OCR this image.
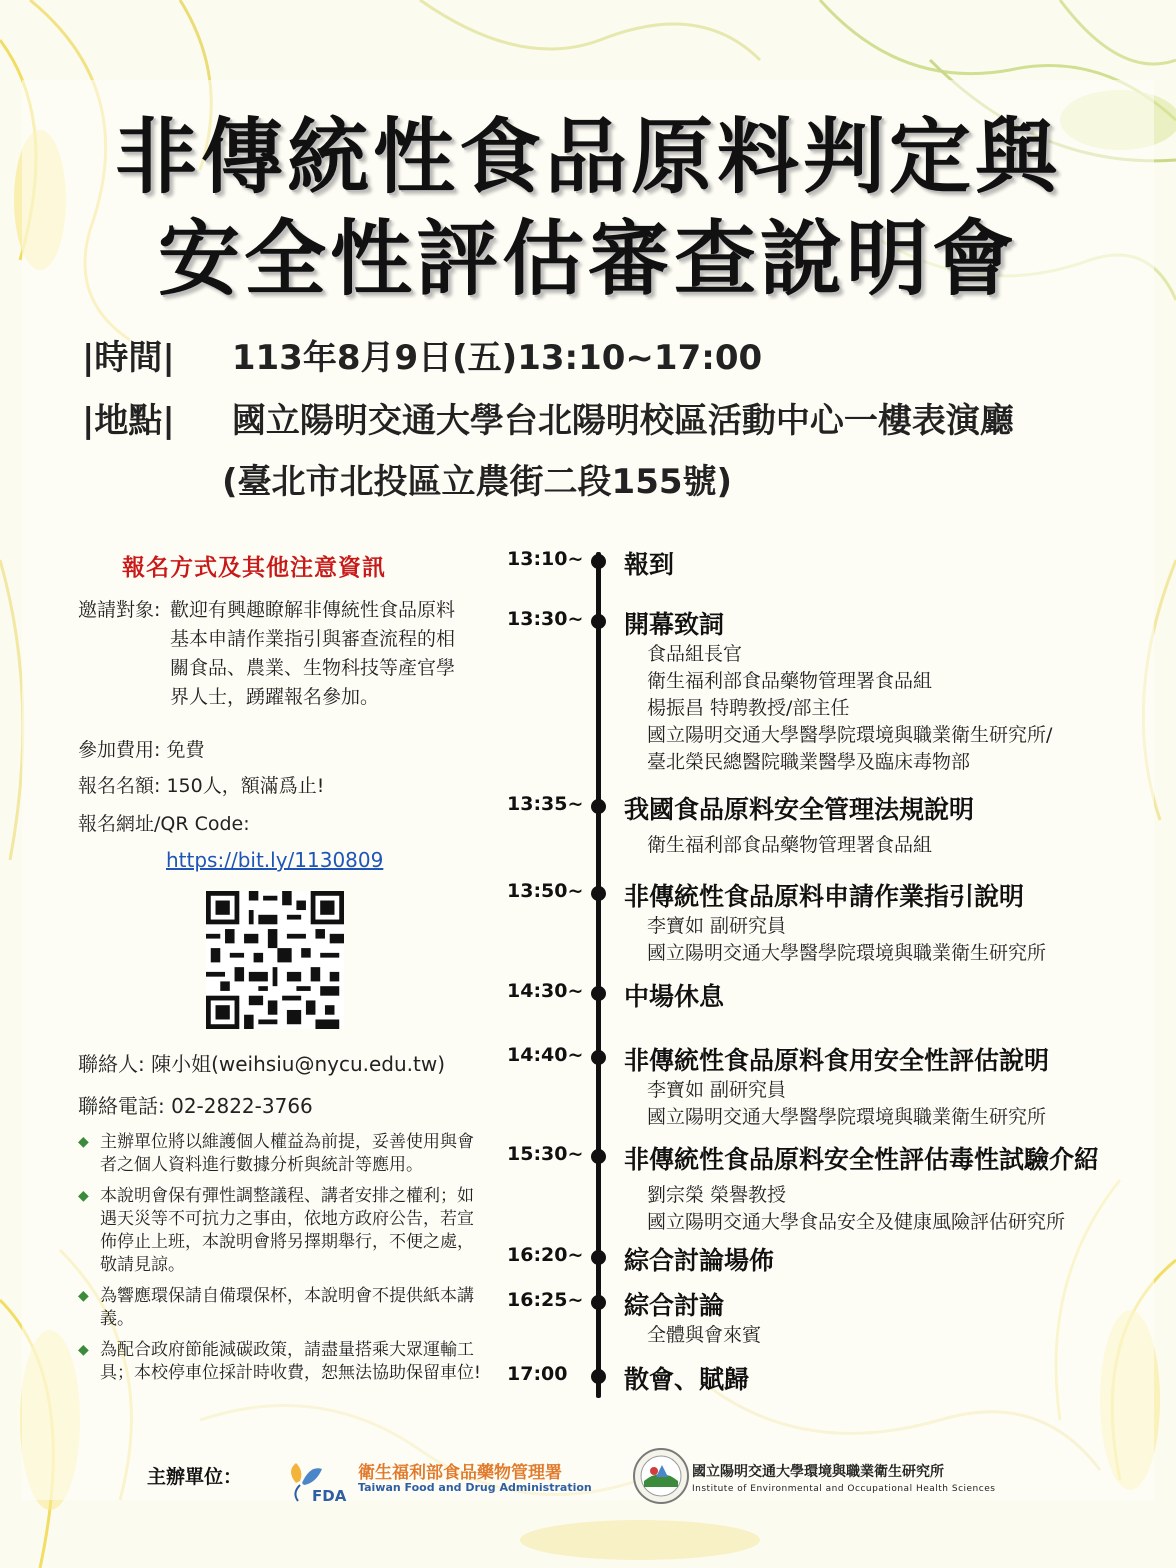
非傳統性食品原料判定與
安全性評估審查說明會
|時間| 113年8月9日(五)13:10~17:00
|地點| 國立陽明交通大學台北陽明校區活動中心一樓表演廳
(臺北市北投區立農街二段155號)
報名方式及其他注意資訊
邀請對象: 歡迎有興趣瞭解非傳統性食品原料基本申請作業指引與審查流程的相關食品、農業、生物科技等產官學界人士，踴躍報名參加。
參加費用: 免費
報名名額: 150人，額滿爲止!
報名網址/QR Code:
https://bit.ly/1130809
聯絡人: 陳小姐(weihsiu@nycu.edu.tw)
聯絡電話: 02-2822-3766
◆ 主辦單位將以維護個人權益為前提，妥善使用與會者之個人資料進行數據分析與統計等應用。
◆ 本說明會保有彈性調整議程、講者安排之權利；如遇天災等不可抗力之事由，依地方政府公告，若宣佈停止上班，本說明會將另擇期舉行，不便之處，敬請見諒。
◆ 為響應環保請自備環保杯，本說明會不提供紙本講義。
◆ 為配合政府節能減碳政策，請盡量搭乘大眾運輸工具；本校停車位採計時收費，恕無法協助保留車位!
13:10~ 報到
13:30~ 開幕致詞
食品組長官
衛生福利部食品藥物管理署食品組
楊振昌 特聘教授/部主任
國立陽明交通大學醫學院環境與職業衛生研究所/
臺北榮民總醫院職業醫學及臨床毒物部
13:35~ 我國食品原料安全管理法規說明
衛生福利部食品藥物管理署食品組
13:50~ 非傳統性食品原料申請作業指引說明
李寶如 副研究員
國立陽明交通大學醫學院環境與職業衛生研究所
14:30~ 中場休息
14:40~ 非傳統性食品原料食用安全性評估說明
李寶如 副研究員
國立陽明交通大學醫學院環境與職業衛生研究所
15:30~ 非傳統性食品原料安全性評估毒性試驗介紹
劉宗榮 榮譽教授
國立陽明交通大學食品安全及健康風險評估研究所
16:20~ 綜合討論場佈
16:25~ 綜合討論
全體與會來賓
17:00 散會、賦歸
主辦單位：
FDA
衛生福利部食品藥物管理署
Taiwan Food and Drug Administration
國立陽明交通大學環境與職業衛生研究所
Institute of Environmental and Occupational Health Sciences
